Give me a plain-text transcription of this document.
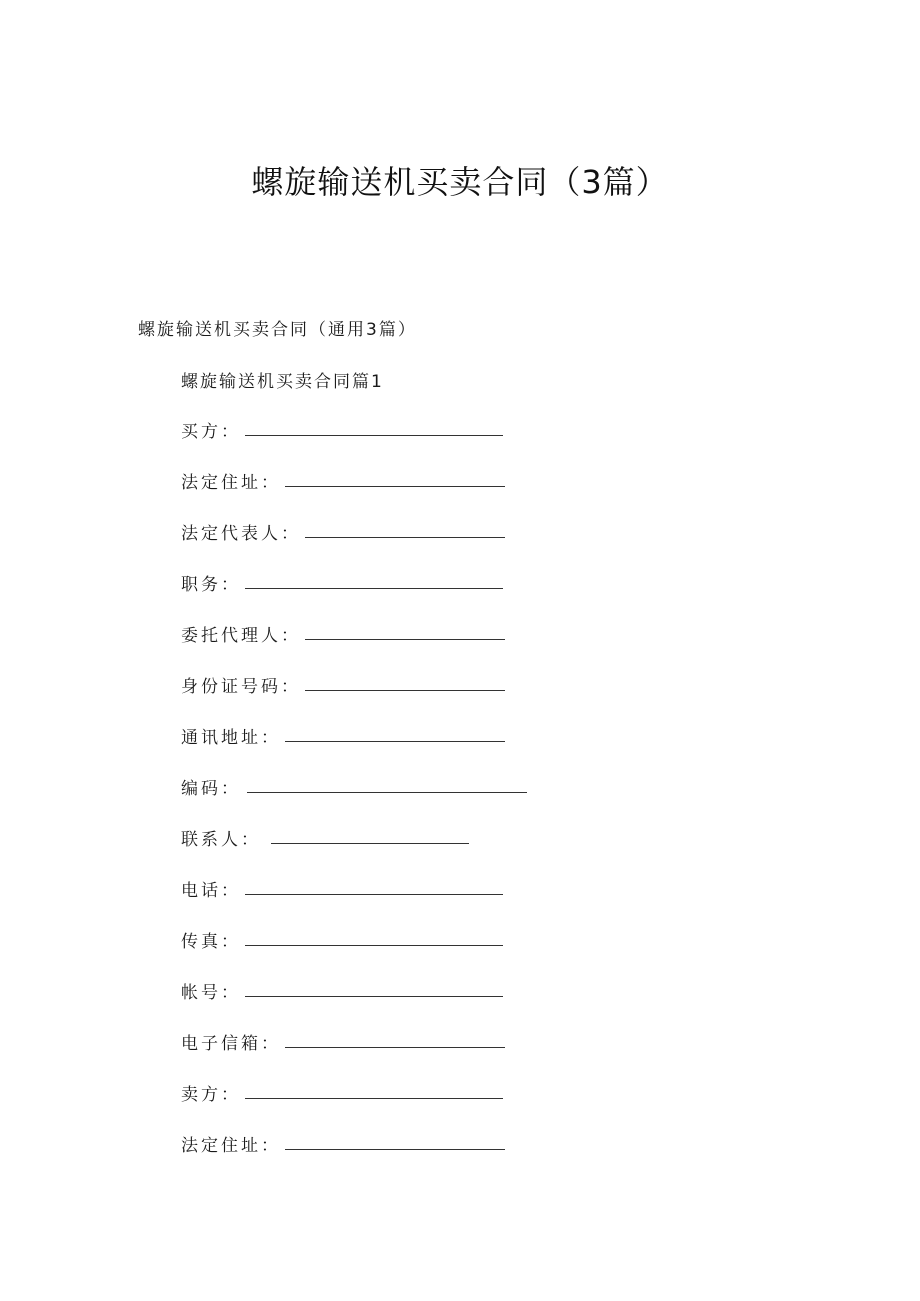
螺旋输送机买卖合同（3篇）
螺旋输送机买卖合同（通用3篇）
螺旋输送机买卖合同篇1
买方：
法定住址：
法定代表人：
职务：
委托代理人：
身份证号码：
通讯地址：
编码：
联系人：
电话：
传真：
帐号：
电子信箱：
卖方：
法定住址：
